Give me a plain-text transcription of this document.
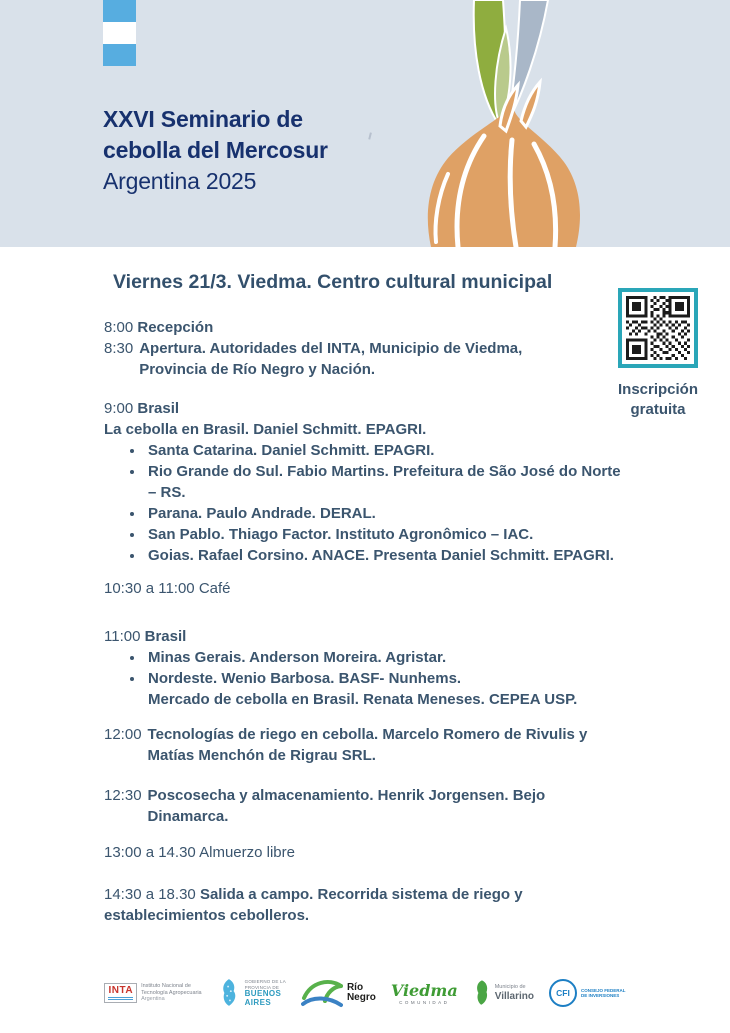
XXVI Seminario de
cebolla del Mercosur
Argentina 2025
Viernes 21/3. Viedma. Centro cultural municipal
Inscripción
gratuita
8:00 Recepción
8:30 Apertura. Autoridades del INTA, Municipio de Viedma,
Provincia de Río Negro y Nación.
9:00 Brasil
La cebolla en Brasil. Daniel Schmitt. EPAGRI.
• Santa Catarina. Daniel Schmitt. EPAGRI.
• Rio Grande do Sul. Fabio Martins. Prefeitura de São José do Norte
– RS.
• Parana. Paulo Andrade. DERAL.
• San Pablo. Thiago Factor. Instituto Agronômico – IAC.
• Goias. Rafael Corsino. ANACE. Presenta Daniel Schmitt. EPAGRI.
10:30 a 11:00 Café
11:00 Brasil
• Minas Gerais. Anderson Moreira. Agristar.
• Nordeste. Wenio Barbosa. BASF- Nunhems.
Mercado de cebolla en Brasil. Renata Meneses. CEPEA USP.
12:00 Tecnologías de riego en cebolla. Marcelo Romero de Rivulis y
Matías Menchón de Rigrau SRL.
12:30 Poscosecha y almacenamiento. Henrik Jorgensen. Bejo
Dinamarca.
13:00 a 14.30 Almuerzo libre
14:30 a 18.30 Salida a campo. Recorrida sistema de riego y
establecimientos cebolleros.
INTA Instituto Nacional de
Tecnología Agropecuaria
Argentina
GOBIERNO DE LA
PROVINCIA DE
BUENOS
AIRES
Río
Negro Viedma
COMUNIDAD
Municipio de
Villarino	CFI CONSEJO FEDERAL
DE INVERSIONES
